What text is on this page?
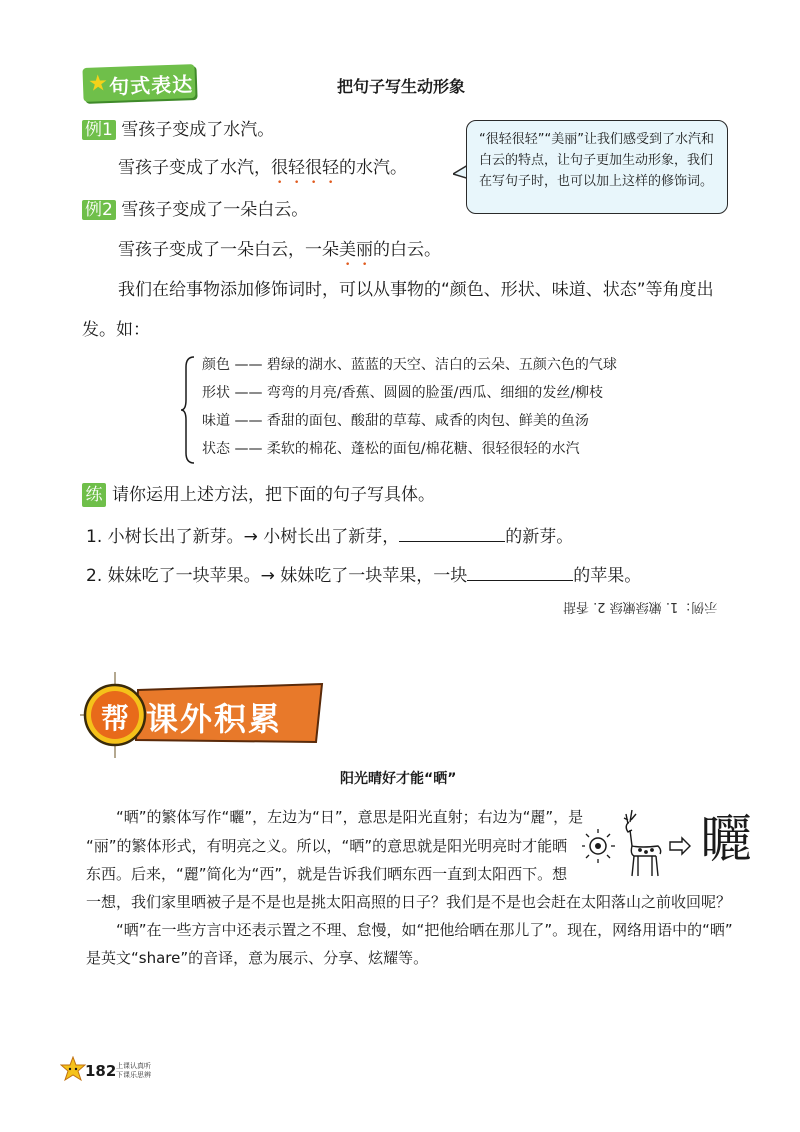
★ 句式表达	把句子写生动形象
例1 雪孩子变成了水汽。
雪孩子变成了水汽，很轻很轻的水汽。
例2 雪孩子变成了一朵白云。
雪孩子变成了一朵白云，一朵美丽的白云。
“很轻很轻”“美丽”让我们感受到了水汽和白云的特点，让句子更加生动形象，我们在写句子时，也可以加上这样的修饰词。
我们在给事物添加修饰词时，可以从事物的“颜色、形状、味道、状态”等角度出
发。如：
颜色 —— 碧绿的湖水、蓝蓝的天空、洁白的云朵、五颜六色的气球
形状 —— 弯弯的月亮/香蕉、圆圆的脸蛋/西瓜、细细的发丝/柳枝
味道 —— 香甜的面包、酸甜的草莓、咸香的肉包、鲜美的鱼汤
状态 —— 柔软的棉花、蓬松的面包/棉花糖、很轻很轻的水汽
练 请你运用上述方法，把下面的句子写具体。
1. 小树长出了新芽。→ 小树长出了新芽，	的新芽。
2. 妹妹吃了一块苹果。→ 妹妹吃了一块苹果，一块	的苹果。
示例：1. 嫩绿嫩绿 2. 香甜
帮 课外积累
阳光晴好才能“晒”
“晒”的繁体写作“曬”，左边为“日”，意思是阳光直射；右边为“麗”，是
“丽”的繁体形式，有明亮之义。所以，“晒”的意思就是阳光明亮时才能晒
东西。后来，“麗”简化为“西”，就是告诉我们晒东西一直到太阳西下。想
一想，我们家里晒被子是不是也是挑太阳高照的日子？我们是不是也会赶在太阳落山之前收回呢？
“晒”在一些方言中还表示置之不理、怠慢，如“把他给晒在那儿了”。现在，网络用语中的“晒”
是英文“share”的音译，意为展示、分享、炫耀等。
曬
182 上课认真听
下课乐思辨
